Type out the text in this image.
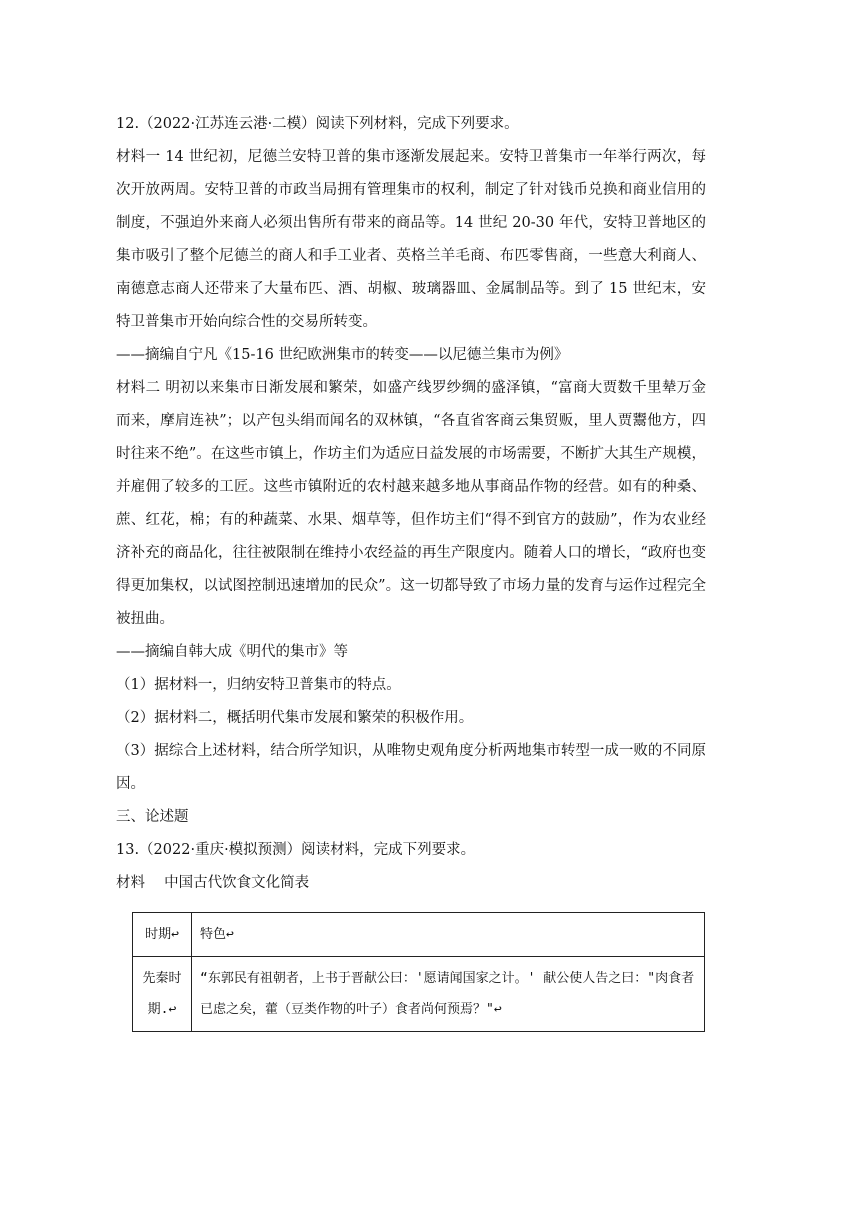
12.（2022·江苏连云港·二模）阅读下列材料，完成下列要求。

材料一 14 世纪初，尼德兰安特卫普的集市逐渐发展起来。安特卫普集市一年举行两次，每次开放两周。安特卫普的市政当局拥有管理集市的权利，制定了针对钱币兑换和商业信用的制度，不强迫外来商人必须出售所有带来的商品等。14 世纪 20-30 年代，安特卫普地区的集市吸引了整个尼德兰的商人和手工业者、英格兰羊毛商、布匹零售商，一些意大利商人、南德意志商人还带来了大量布匹、酒、胡椒、玻璃器皿、金属制品等。到了 15 世纪末，安特卫普集市开始向综合性的交易所转变。

——摘编自宁凡《15-16 世纪欧洲集市的转变——以尼德兰集市为例》

材料二 明初以来集市日渐发展和繁荣，如盛产线罗纱绸的盛泽镇，“富商大贾数千里辇万金而来，摩肩连袂”；以产包头绢而闻名的双林镇，“各直省客商云集贸贩，里人贾鬻他方，四时往来不绝”。在这些市镇上，作坊主们为适应日益发展的市场需要，不断扩大其生产规模，并雇佣了较多的工匠。这些市镇附近的农村越来越多地从事商品作物的经营。如有的种桑、蔗、红花，棉；有的种蔬菜、水果、烟草等，但作坊主们“得不到官方的鼓励”，作为农业经济补充的商品化，往往被限制在维持小农经益的再生产限度内。随着人口的增长，“政府也变得更加集权，以试图控制迅速增加的民众”。这一切都导致了市场力量的发育与运作过程完全被扭曲。

——摘编自韩大成《明代的集市》等

（1）据材料一，归纳安特卫普集市的特点。

（2）据材料二，概括明代集市发展和繁荣的积极作用。

（3）据综合上述材料，结合所学知识，从唯物史观角度分析两地集市转型一成一败的不同原因。

三、论述题

13.（2022·重庆·模拟预测）阅读材料，完成下列要求。

材料　 中国古代饮食文化简表

时期↩	特色↩
先秦时期.↩	“东郭民有祖朝者，上书于晋献公曰：'愿请闻国家之计。' 献公使人告之曰："肉食者已虑之矣，藿（豆类作物的叶子）食者尚何预焉？"↩
